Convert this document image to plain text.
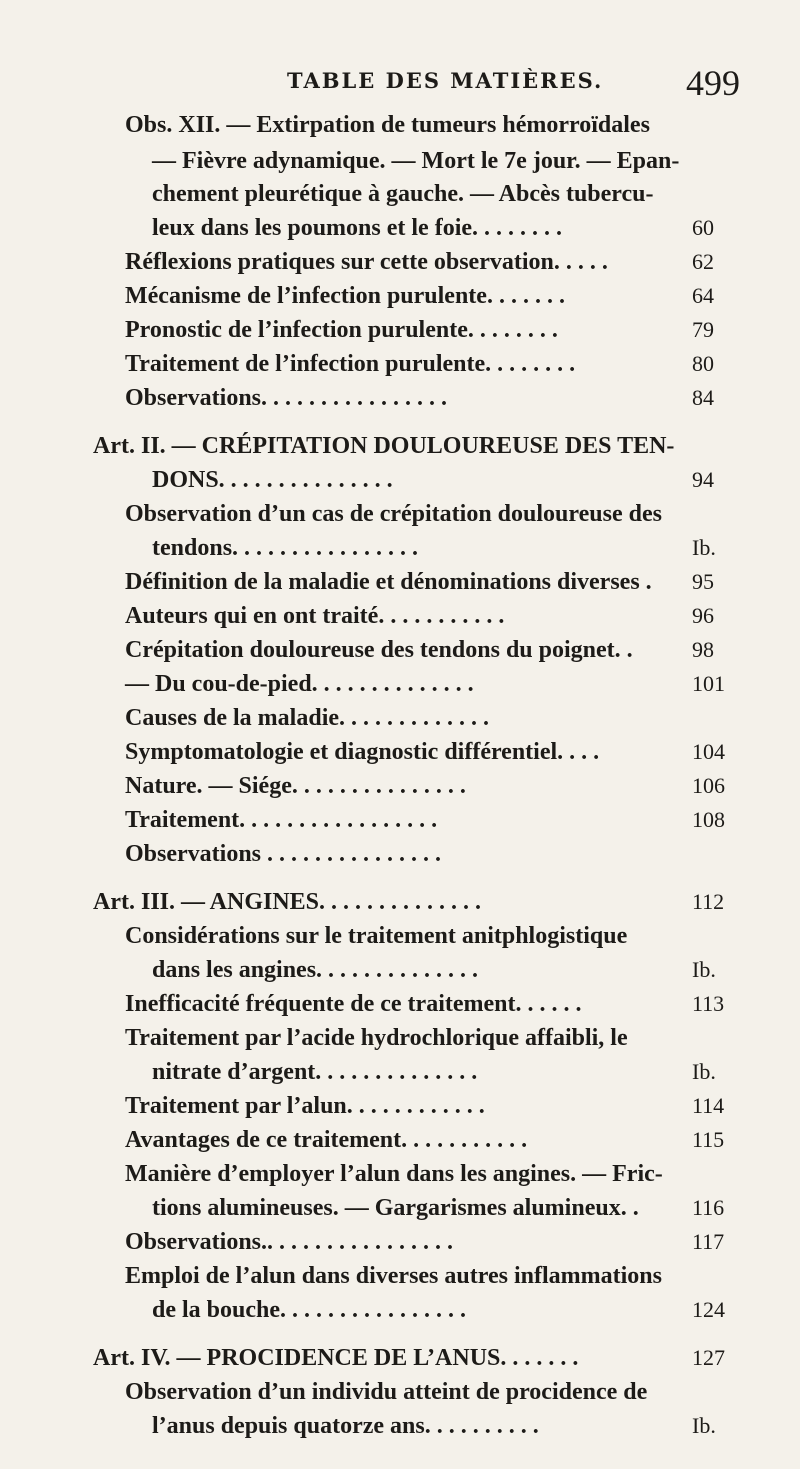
TABLE DES MATIÈRES. 499
Obs. XII. — Extirpation de tumeurs hémorroïdales
— Fièvre adynamique. — Mort le 7e jour. — Epan-
chement pleurétique à gauche. — Abcès tubercu-
leux dans les poumons et le foie. . . . . . . .	60
Réflexions pratiques sur cette observation. . . . .	62
Mécanisme de l’infection purulente. . . . . . .	64
Pronostic de l’infection purulente. . . . . . . .	79
Traitement de l’infection purulente. . . . . . . .	80
Observations. . . . . . . . . . . . . . . .	84
Art. II. — CRÉPITATION DOULOUREUSE DES TEN-
DONS. . . . . . . . . . . . . . .	94
Observation d’un cas de crépitation douloureuse des
tendons. . . . . . . . . . . . . . . .	Ib.
Définition de la maladie et dénominations diverses . 95
Auteurs qui en ont traité. . . . . . . . . . .	96
Crépitation douloureuse des tendons du poignet. .	98
— Du cou-de-pied. . . . . . . . . . . . . .	101
Causes de la maladie. . . . . . . . . . . . .
Symptomatologie et diagnostic différentiel. . . .	104
Nature. — Siége. . . . . . . . . . . . . . .	106
Traitement. . . . . . . . . . . . . . . . .	108
Observations . . . . . . . . . . . . . . .
Art. III. — ANGINES. . . . . . . . . . . . . .	112
Considérations sur le traitement anitphlogistique
dans les angines. . . . . . . . . . . . . .	Ib.
Inefficacité fréquente de ce traitement. . . . . .	113
Traitement par l’acide hydrochlorique affaibli, le
nitrate d’argent. . . . . . . . . . . . . .	Ib.
Traitement par l’alun. . . . . . . . . . . .	114
Avantages de ce traitement. . . . . . . . . . .	115
Manière d’employer l’alun dans les angines. — Fric-
tions alumineuses. — Gargarismes alumineux. . 116
Observations.. . . . . . . . . . . . . . . .	117
Emploi de l’alun dans diverses autres inflammations
de la bouche. . . . . . . . . . . . . . . .	124
Art. IV. — PROCIDENCE DE L’ANUS. . . . . . .	127
Observation d’un individu atteint de procidence de
l’anus depuis quatorze ans. . . . . . . . . .	Ib.
